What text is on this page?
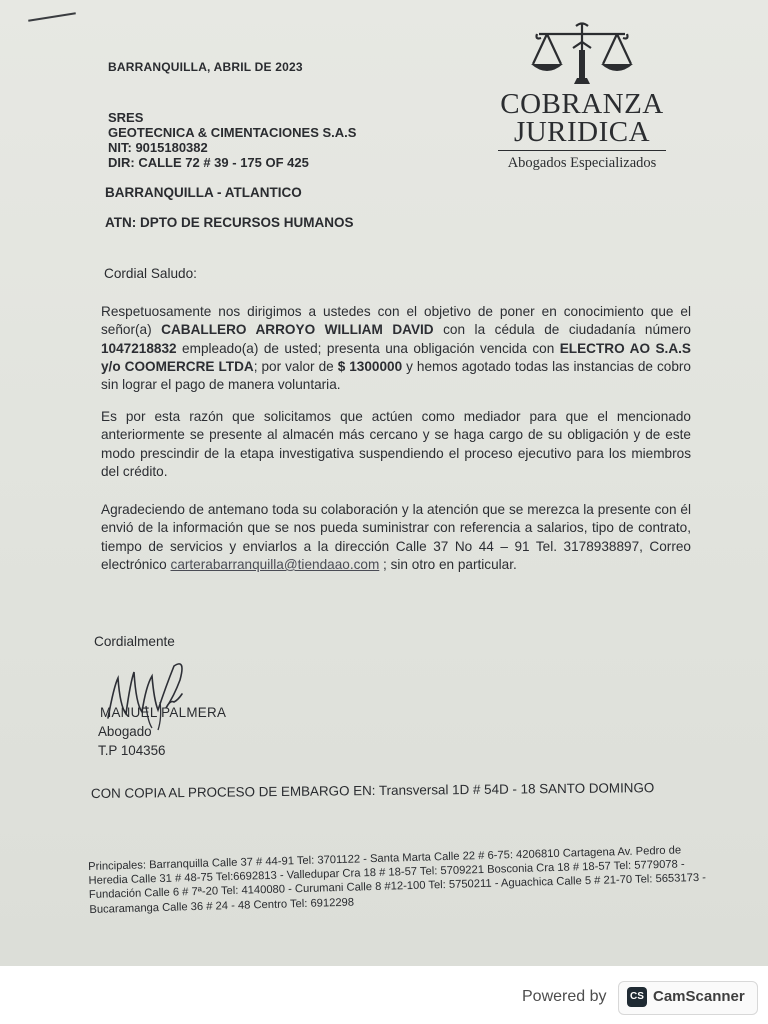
BARRANQUILLA, ABRIL DE 2023
SRES
GEOTECNICA & CIMENTACIONES S.A.S
NIT: 9015180382
DIR: CALLE 72 # 39 - 175 OF 425
BARRANQUILLA - ATLANTICO
ATN: DPTO DE RECURSOS HUMANOS
COBRANZA
JURIDICA
Abogados Especializados
Cordial Saludo:
Respetuosamente nos dirigimos a ustedes con el objetivo de poner en conocimiento que el señor(a) CABALLERO ARROYO WILLIAM DAVID con la cédula de ciudadanía número 1047218832 empleado(a) de usted; presenta una obligación vencida con ELECTRO AO S.A.S y/o COOMERCRE LTDA; por valor de $ 1300000 y hemos agotado todas las instancias de cobro sin lograr el pago de manera voluntaria.
Es por esta razón que solicitamos que actúen como mediador para que el mencionado anteriormente se presente al almacén más cercano y se haga cargo de su obligación y de este modo prescindir de la etapa investigativa suspendiendo el proceso ejecutivo para los miembros del crédito.
Agradeciendo de antemano toda su colaboración y la atención que se merezca la presente con él envió de la información que se nos pueda suministrar con referencia a salarios, tipo de contrato, tiempo de servicios y enviarlos a la dirección Calle 37 No 44 – 91 Tel. 3178938897, Correo electrónico carterabarranquilla@tiendaao.com ; sin otro en particular.
Cordialmente
MANUEL PALMERA
Abogado
T.P 104356
CON COPIA AL PROCESO DE EMBARGO EN: Transversal 1D # 54D - 18 SANTO DOMINGO
Principales: Barranquilla Calle 37 # 44-91 Tel: 3701122 - Santa Marta Calle 22 # 6-75: 4206810 Cartagena Av. Pedro de Heredia Calle 31 # 48-75 Tel:6692813 - Valledupar Cra 18 # 18-57 Tel: 5709221 Bosconia Cra 18 # 18-57 Tel: 5779078 - Fundación Calle 6 # 7ª-20 Tel: 4140080 - Curumani Calle 8 #12-100 Tel: 5750211 - Aguachica Calle 5 # 21-70 Tel: 5653173 - Bucaramanga Calle 36 # 24 - 48 Centro Tel: 6912298
Powered by	CS CamScanner
